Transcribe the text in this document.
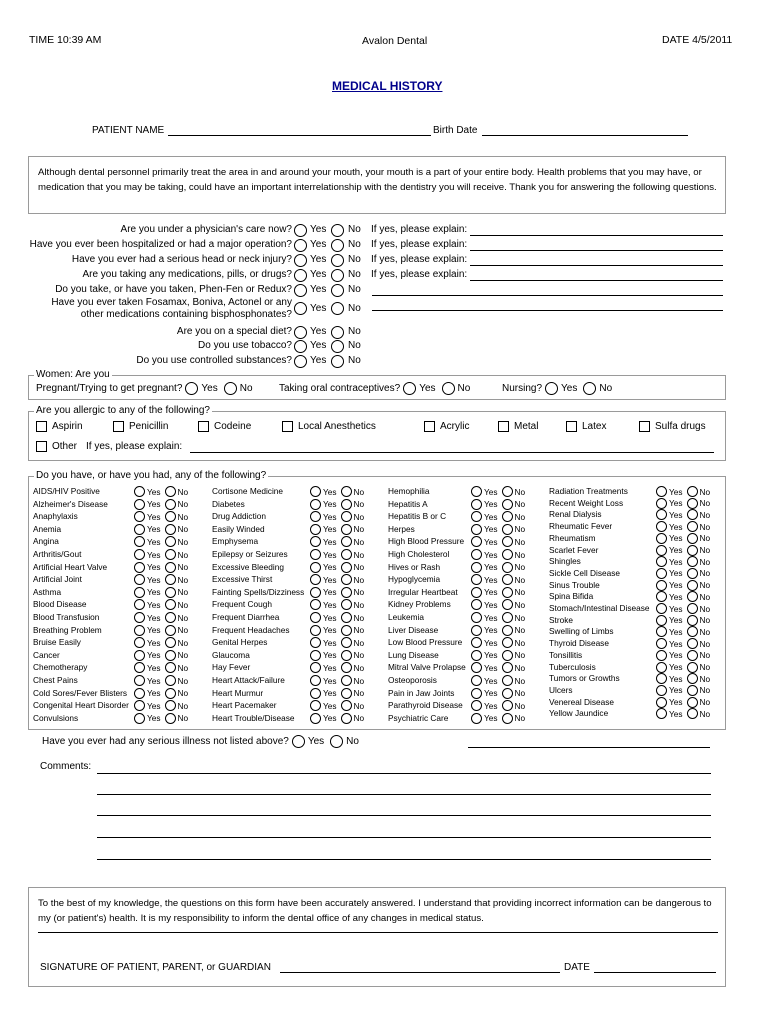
TIME 10:39 AM	Avalon Dental	DATE 4/5/2011
MEDICAL HISTORY
PATIENT NAME	Birth Date
Although dental personnel primarily treat the area in and around your mouth, your mouth is a part of your entire body. Health problems that you may have, or medication that you may be taking, could have an important interrelationship with the dentistry you will receive. Thank you for answering the following questions.
Are you under a physician's care now? Yes No If yes, please explain:
Have you ever been hospitalized or had a major operation? Yes No If yes, please explain:
Have you ever had a serious head or neck injury? Yes No If yes, please explain:
Are you taking any medications, pills, or drugs? Yes No If yes, please explain:
Do you take, or have you taken, Phen-Fen or Redux? Yes No
Have you ever taken Fosamax, Boniva, Actonel or any
other medications containing bisphosphonates?
Yes No
Are you on a special diet? Yes No
Do you use tobacco? Yes No
Do you use controlled substances? Yes No
Women: Are you
Pregnant/Trying to get pregnant? Yes No	Taking oral contraceptives? Yes No	Nursing? Yes No
Are you allergic to any of the following?
Aspirin	Penicillin	Codeine	Local Anesthetics	Acrylic	Metal	Latex	Sulfa drugs
Other If yes, please explain:
Do you have, or have you had, any of the following?
AIDS/HIV Positive	Yes No
Alzheimer's Disease	Yes No
Anaphylaxis	Yes No
Anemia	Yes No
Angina	Yes No
Arthritis/Gout	Yes No
Artificial Heart Valve	Yes No
Artificial Joint	Yes No
Asthma	Yes No
Blood Disease	Yes No
Blood Transfusion	Yes No
Breathing Problem	Yes No
Bruise Easily	Yes No
Cancer	Yes No
Chemotherapy	Yes No
Chest Pains	Yes No
Cold Sores/Fever Blisters Yes No
Congenital Heart Disorder Yes No
Convulsions	Yes No
Cortisone Medicine	Yes No
Diabetes	Yes No
Drug Addiction	Yes No
Easily Winded	Yes No
Emphysema	Yes No
Epilepsy or Seizures	Yes No
Excessive Bleeding	Yes No
Excessive Thirst	Yes No
Fainting Spells/Dizziness Yes No
Frequent Cough	Yes No
Frequent Diarrhea	Yes No
Frequent Headaches	Yes No
Genital Herpes	Yes No
Glaucoma	Yes No
Hay Fever	Yes No
Heart Attack/Failure	Yes No
Heart Murmur	Yes No
Heart Pacemaker	Yes No
Heart Trouble/Disease	Yes No
Hemophilia	Yes No
Hepatitis A	Yes No
Hepatitis B or C	Yes No
Herpes	Yes No
High Blood Pressure Yes No
High Cholesterol	Yes No
Hives or Rash	Yes No
Hypoglycemia	Yes No
Irregular Heartbeat	Yes No
Kidney Problems	Yes No
Leukemia	Yes No
Liver Disease	Yes No
Low Blood Pressure	Yes No
Lung Disease	Yes No
Mitral Valve Prolapse Yes No
Osteoporosis	Yes No
Pain in Jaw Joints	Yes No
Parathyroid Disease	Yes No
Psychiatric Care	Yes No
Radiation Treatments	Yes No
Recent Weight Loss	Yes No
Renal Dialysis	Yes No
Rheumatic Fever	Yes No
Rheumatism	Yes No
Scarlet Fever	Yes No
Shingles	Yes No
Sickle Cell Disease	Yes No
Sinus Trouble	Yes No
Spina Bifida	Yes No
Stomach/Intestinal Disease Yes No
Stroke	Yes No
Swelling of Limbs	Yes No
Thyroid Disease	Yes No
Tonsillitis	Yes No
Tuberculosis	Yes No
Tumors or Growths	Yes No
Ulcers	Yes No
Venereal Disease	Yes No
Yellow Jaundice	Yes No
Have you ever had any serious illness not listed above? Yes No
Comments:
To the best of my knowledge, the questions on this form have been accurately answered. I understand that providing incorrect information can be dangerous to my (or patient's) health. It is my responsibility to inform the dental office of any changes in medical status.
SIGNATURE OF PATIENT, PARENT, or GUARDIAN	DATE
